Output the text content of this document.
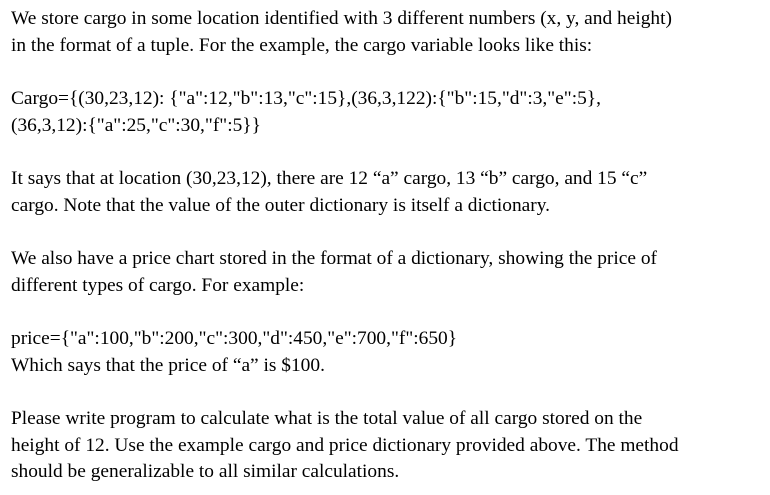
We store cargo in some location identified with 3 different numbers (x, y, and height)
in the format of a tuple. For the example, the cargo variable looks like this:

Cargo={(30,23,12): {"a":12,"b":13,"c":15},(36,3,122):{"b":15,"d":3,"e":5},
(36,3,12):{"a":25,"c":30,"f":5}}

It says that at location (30,23,12), there are 12 “a” cargo, 13 “b” cargo, and 15 “c”
cargo. Note that the value of the outer dictionary is itself a dictionary.

We also have a price chart stored in the format of a dictionary, showing the price of
different types of cargo. For example:

price={"a":100,"b":200,"c":300,"d":450,"e":700,"f":650}
Which says that the price of “a” is $100.

Please write program to calculate what is the total value of all cargo stored on the
height of 12. Use the example cargo and price dictionary provided above. The method
should be generalizable to all similar calculations.
